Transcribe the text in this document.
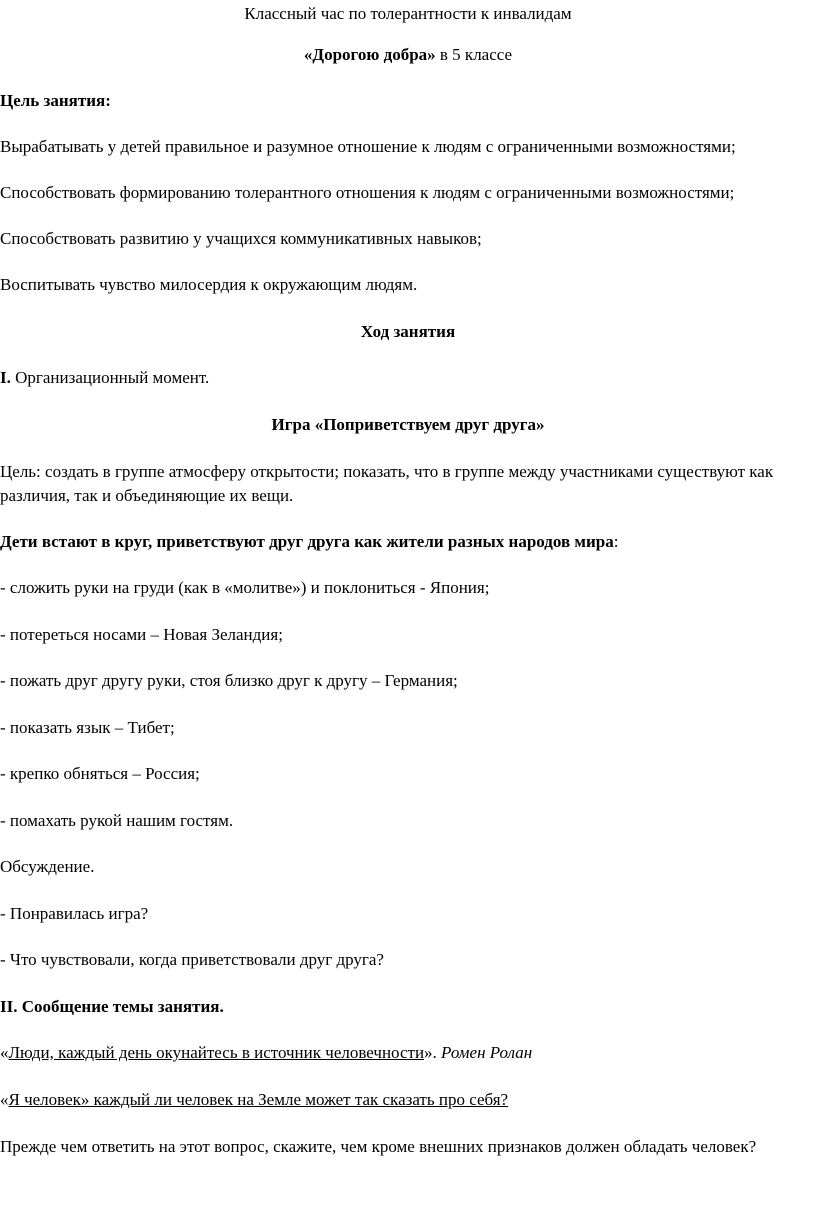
Классный час по толерантности к инвалидам

«Дорогою добра» в 5 классе

Цель занятия:

Вырабатывать у детей правильное и разумное отношение к людям с ограниченными возможностями;

Способствовать формированию толерантного отношения к людям с ограниченными возможностями;

Способствовать развитию у учащихся коммуникативных навыков;

Воспитывать чувство милосердия к окружающим людям.

Ход занятия

I. Организационный момент.

Игра «Поприветствуем друг друга»

Цель: создать в группе атмосферу открытости; показать, что в группе между участниками существуют как различия, так и объединяющие их вещи.

Дети встают в круг, приветствуют друг друга как жители разных народов мира:

- сложить руки на груди (как в «молитве») и поклониться - Япония;

- потереться носами – Новая Зеландия;

- пожать друг другу руки, стоя близко друг к другу – Германия;

- показать язык – Тибет;

- крепко обняться – Россия;

- помахать рукой нашим гостям.

Обсуждение.

- Понравилась игра?

- Что чувствовали, когда приветствовали друг друга?

II. Сообщение темы занятия.

«Люди, каждый день окунайтесь в источник человечности». Ромен Ролан

«Я человек» каждый ли человек на Земле может так сказать про себя?

Прежде чем ответить на этот вопрос, скажите, чем кроме внешних признаков должен обладать человек?
